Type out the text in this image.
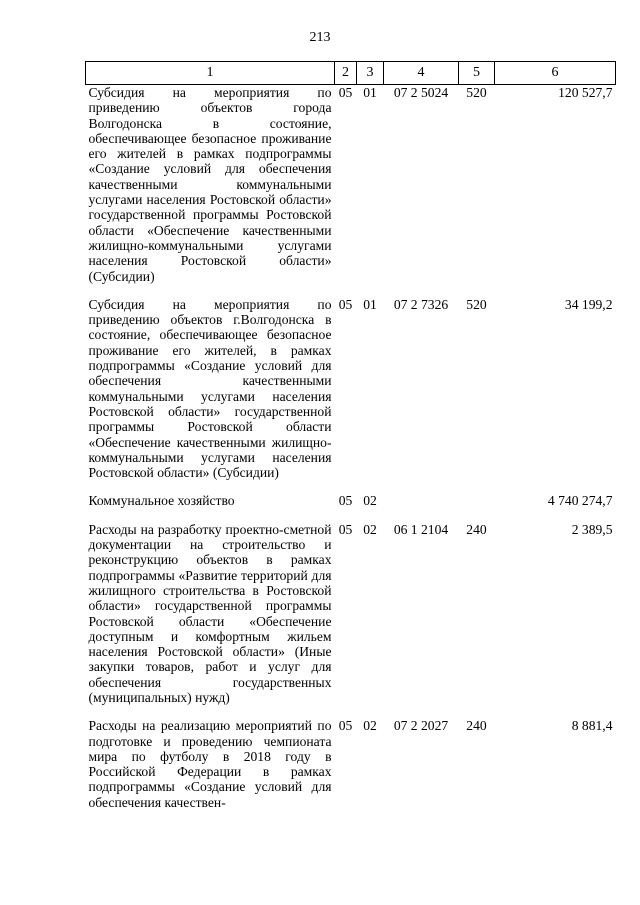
213
1	2	3	4	5	6
Субсидия на мероприятия по приведению объектов города Волгодонска в состояние, обеспечивающее безопасное проживание его жителей в рамках подпрограммы «Создание условий для обеспечения качественными коммунальными услугами населения Ростовской области» государственной программы Ростовской области «Обеспечение качественными жилищно-коммунальными услугами населения Ростовской области» (Субсидии)	05	01	07 2 5024	520	120 527,7
Субсидия на мероприятия по приведению объектов г.Волгодонска в состояние, обеспечивающее безопасное проживание его жителей, в рамках подпрограммы «Создание условий для обеспечения качественными коммунальными услугами населения Ростовской области» государственной программы Ростовской области «Обеспечение качественными жилищно-коммунальными услугами населения Ростовской области» (Субсидии)	05	01	07 2 7326	520	34 199,2
Коммунальное хозяйство	05	02			4 740 274,7
Расходы на разработку проектно-сметной документации на строительство и реконструкцию объектов в рамках подпрограммы «Развитие территорий для жилищного строительства в Ростовской области» государственной программы Ростовской области «Обеспечение доступным и комфортным жильем населения Ростовской области» (Иные закупки товаров, работ и услуг для обеспечения государственных (муниципальных) нужд)	05	02	06 1 2104	240	2 389,5
Расходы на реализацию мероприятий по подготовке и проведению чемпионата мира по футболу в 2018 году в Российской Федерации в рамках подпрограммы «Создание условий для обеспечения качествен-	05	02	07 2 2027	240	8 881,4
